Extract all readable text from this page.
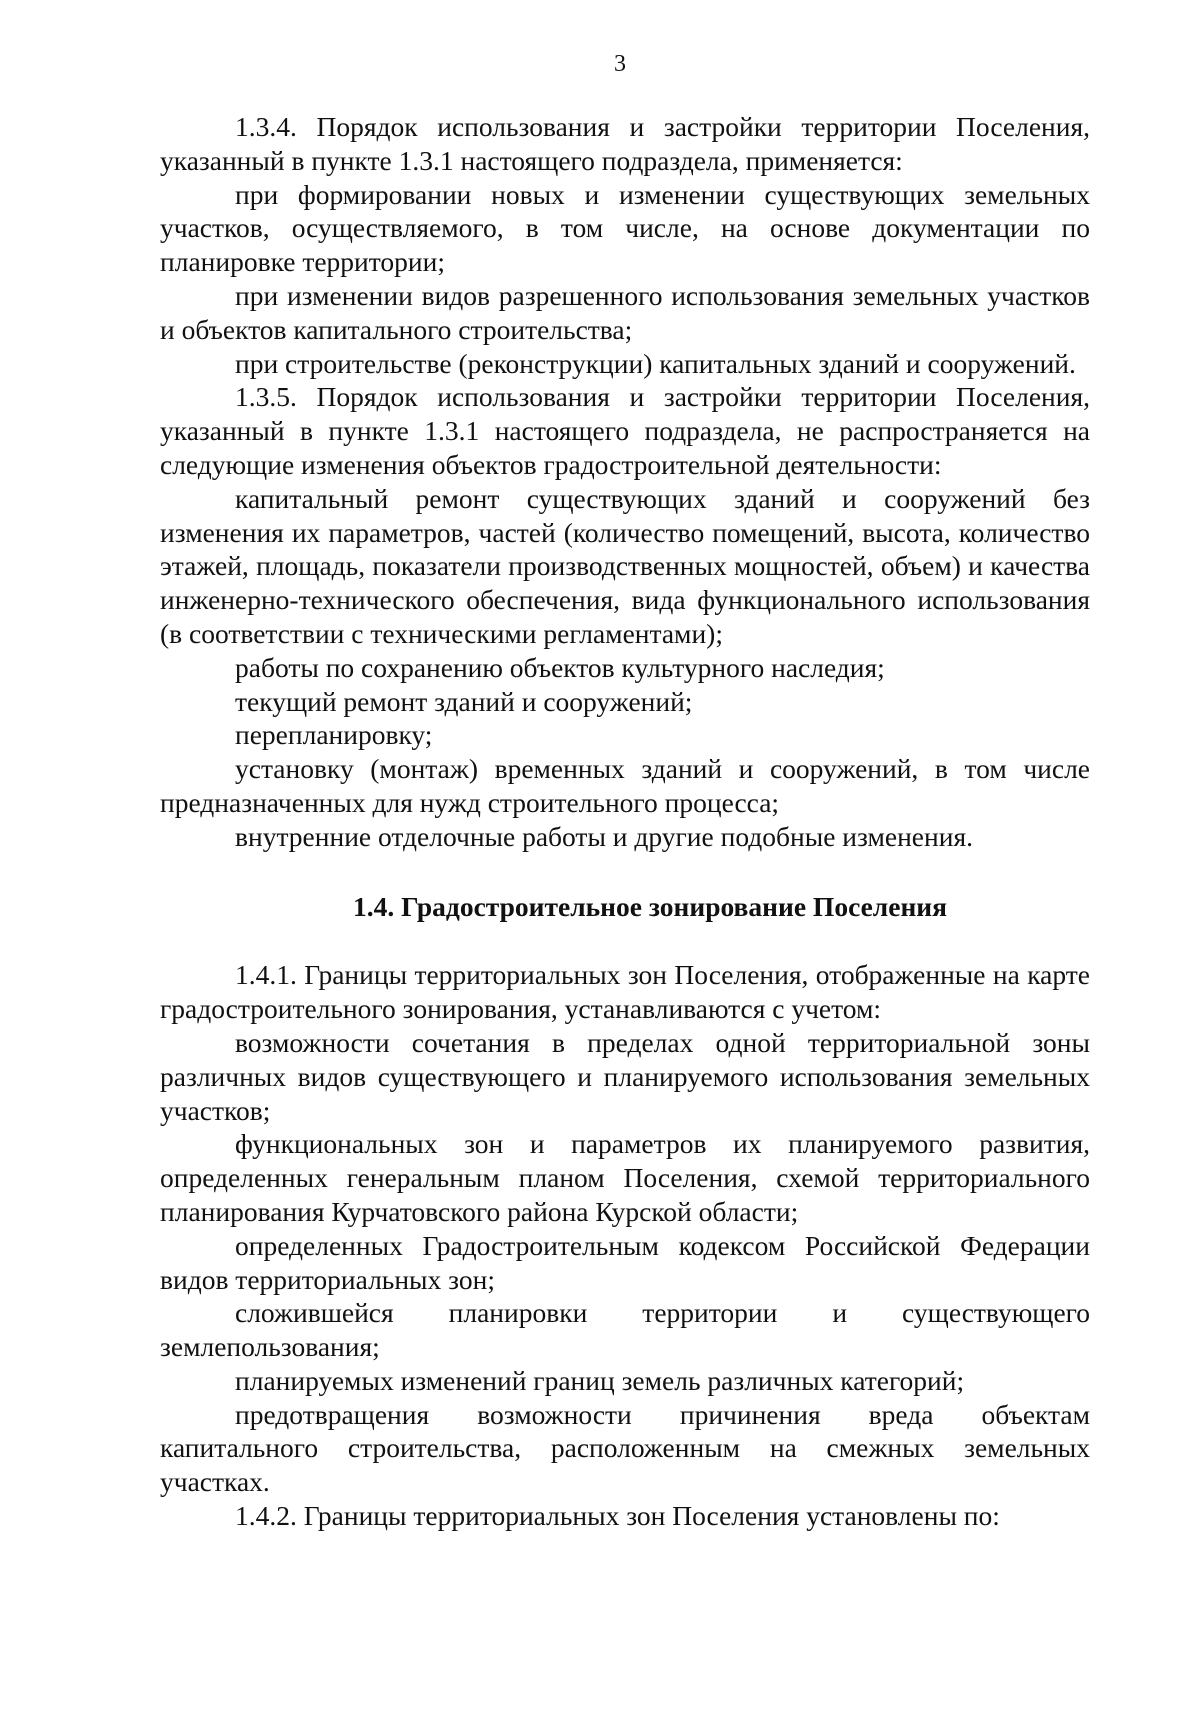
3

1.3.4. Порядок использования и застройки территории Поселения, указанный в пункте 1.3.1 настоящего подраздела, применяется:

при формировании новых и изменении существующих земельных участков, осуществляемого, в том числе, на основе документации по планировке территории;

при изменении видов разрешенного использования земельных участков и объектов капитального строительства;

при строительстве (реконструкции) капитальных зданий и сооружений.

1.3.5. Порядок использования и застройки территории Поселения, указанный в пункте 1.3.1 настоящего подраздела, не распространяется на следующие изменения объектов градостроительной деятельности:

капитальный ремонт существующих зданий и сооружений без изменения их параметров, частей (количество помещений, высота, количество этажей, площадь, показатели производственных мощностей, объем) и качества инженерно-технического обеспечения, вида функционального использования (в соответствии с техническими регламентами);

работы по сохранению объектов культурного наследия;

текущий ремонт зданий и сооружений;

перепланировку;

установку (монтаж) временных зданий и сооружений, в том числе предназначенных для нужд строительного процесса;

внутренние отделочные работы и другие подобные изменения.

1.4. Градостроительное зонирование Поселения

1.4.1. Границы территориальных зон Поселения, отображенные на карте градостроительного зонирования, устанавливаются с учетом:

возможности сочетания в пределах одной территориальной зоны различных видов существующего и планируемого использования земельных участков;

функциональных зон и параметров их планируемого развития, определенных генеральным планом Поселения, схемой территориального планирования Курчатовского района Курской области;

определенных Градостроительным кодексом Российской Федерации видов территориальных зон;

сложившейся планировки территории и существующего землепользования;

планируемых изменений границ земель различных категорий;

предотвращения возможности причинения вреда объектам капитального строительства, расположенным на смежных земельных участках.

1.4.2. Границы территориальных зон Поселения установлены по:
